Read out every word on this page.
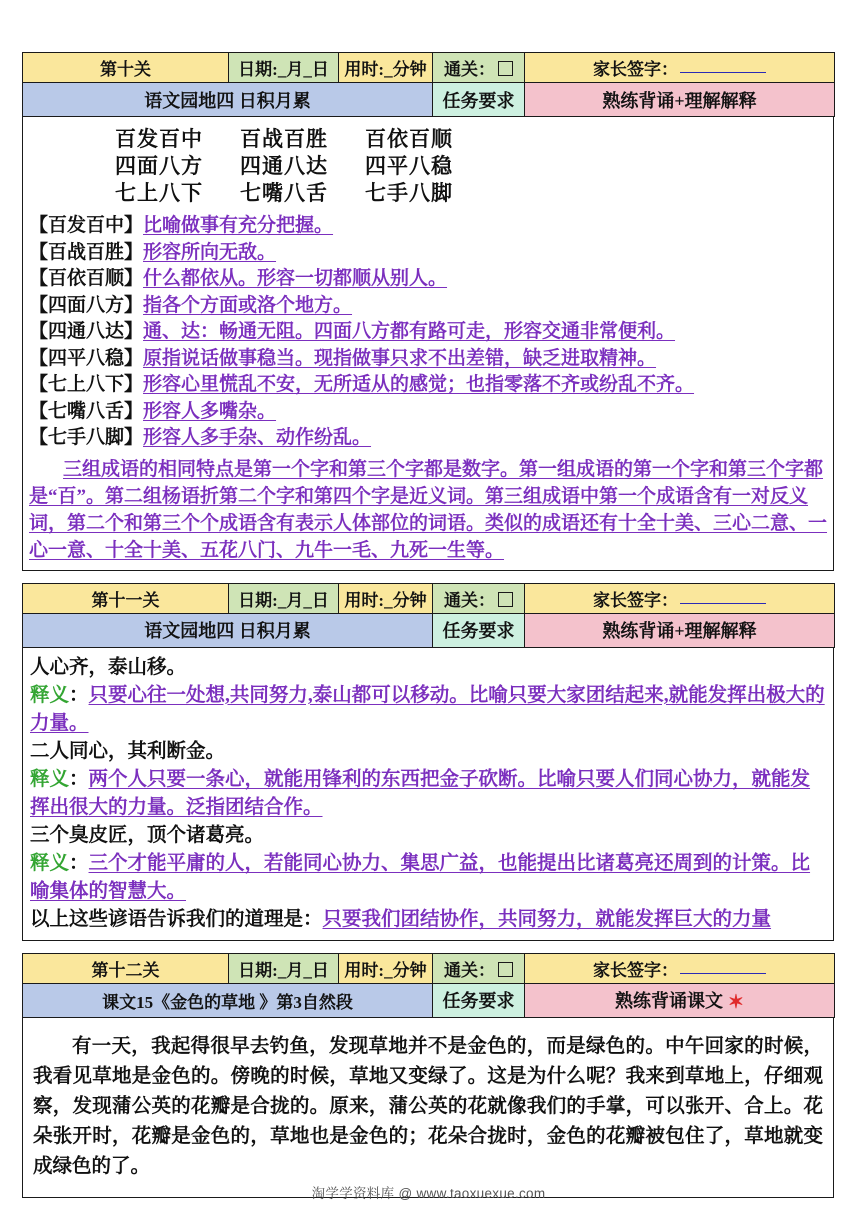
第十关	日期:_月_日	用时:_分钟	通关：	家长签字：
语文园地四 日积月累			任务要求	熟练背诵+理解解释
百发百中	百战百胜	百依百顺
四面八方	四通八达	四平八稳
七上八下	七嘴八舌	七手八脚
【百发百中】比喻做事有充分把握。
【百战百胜】形容所向无敌。
【百依百顺】什么都依从。形容一切都顺从别人。
【四面八方】指各个方面或洛个地方。
【四通八达】通、达：畅通无阻。四面八方都有路可走，形容交通非常便利。
【四平八稳】原指说话做事稳当。现指做事只求不出差错，缺乏进取精神。
【七上八下】形容心里慌乱不安，无所适从的感觉；也指零落不齐或纷乱不齐。
【七嘴八舌】形容人多嘴杂。
【七手八脚】形容人多手杂、动作纷乱。
三组成语的相同特点是第一个字和第三个字都是数字。第一组成语的第一个字和第三个字都是“百”。第二组杨语折第二个字和第四个字是近义词。第三组成语中第一个成语含有一对反义词，第二个和第三个个成语含有表示人体部位的词语。类似的成语还有十全十美、三心二意、一心一意、十全十美、五花八门、九牛一毛、九死一生等。
第十一关	日期:_月_日	用时:_分钟	通关：	家长签字：
语文园地四 日积月累			任务要求	熟练背诵+理解解释
人心齐，泰山移。
释义：只要心往一处想,共同努力,泰山都可以移动。比喻只要大家团结起来,就能发挥出极大的力量。
二人同心，其利断金。
释义：两个人只要一条心，就能用锋利的东西把金子砍断。比喻只要人们同心协力，就能发挥出很大的力量。泛指团结合作。
三个臭皮匠，顶个诸葛亮。
释义：三个才能平庸的人，若能同心协力、集思广益，也能提出比诸葛亮还周到的计策。比喻集体的智慧大。
以上这些谚语告诉我们的道理是：只要我们团结协作，共同努力，就能发挥巨大的力量
第十二关	日期:_月_日	用时:_分钟	通关：	家长签字：
课文15《金色的草地 》第3自然段			任务要求	熟练背诵课文 ✶
有一天，我起得很早去钓鱼，发现草地并不是金色的，而是绿色的。中午回家的时候，我看见草地是金色的。傍晚的时候，草地又变绿了。这是为什么呢？我来到草地上，仔细观察，发现蒲公英的花瓣是合拢的。原来，蒲公英的花就像我们的手掌，可以张开、合上。花朵张开时，花瓣是金色的，草地也是金色的；花朵合拢时，金色的花瓣被包住了，草地就变成绿色的了。
淘学学资料库 @ www.taoxuexue.com
